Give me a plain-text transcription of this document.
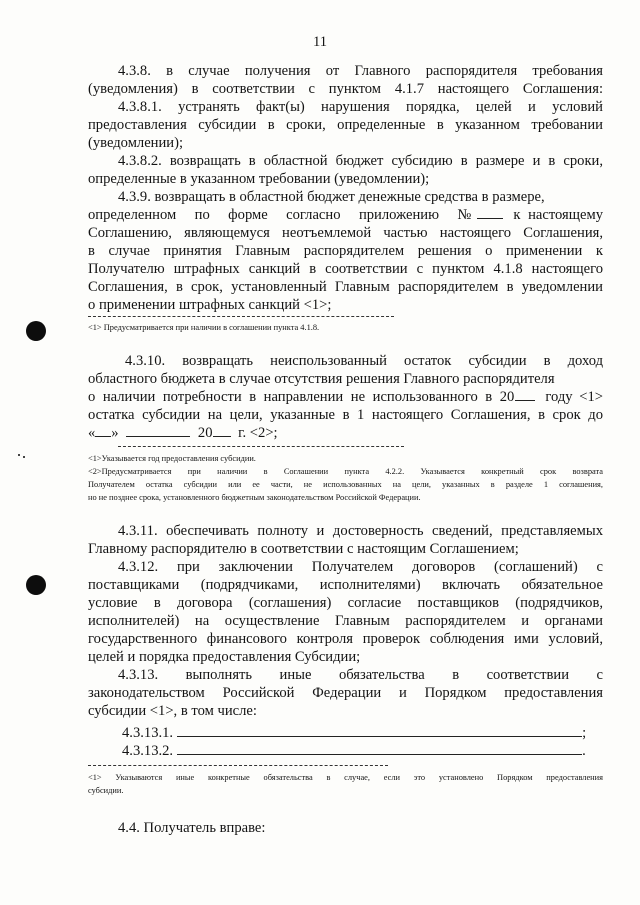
11
4.3.8. в случае получения от Главного распорядителя требования
(уведомления) в соответствии с пунктом 4.1.7 настоящего Соглашения:
4.3.8.1. устранять факт(ы) нарушения порядка, целей и условий
предоставления субсидии в сроки, определенные в указанном требовании
(уведомлении);
4.3.8.2. возвращать в областной бюджет субсидию в размере и в сроки,
определенные в указанном требовании (уведомлении);
4.3.9. возвращать в областной бюджет денежные средства в размере,
определенном по форме согласно приложению №	к настоящему
Соглашению, являющемуся неотъемлемой частью настоящего Соглашения,
в случае принятия Главным распорядителем решения о применении к
Получателю штрафных санкций в соответствии с пунктом 4.1.8 настоящего
Соглашения, в срок, установленный Главным распорядителем в уведомлении
о применении штрафных санкций <1>;
<1> Предусматривается при наличии в соглашении пункта 4.1.8.
4.3.10. возвращать неиспользованный остаток субсидии в доход
областного бюджета в случае отсутствия решения Главного распорядителя
о наличии потребности в направлении не использованного в 20 году <1>
остатка субсидии на цели, указанные в 1 настоящего Соглашения, в срок до
« »	20 г. <2>;
<1>Указывается год предоставления субсидии.
<2>Предусматривается при наличии в Соглашении пункта 4.2.2. Указывается конкретный срок возврата
Получателем остатка субсидии или ее части, не использованных на цели, указанных в разделе 1 соглашения,
но не позднее срока, установленного бюджетным законодательством Российской Федерации.
4.3.11. обеспечивать полноту и достоверность сведений, представляемых
Главному распорядителю в соответствии с настоящим Соглашением;
4.3.12. при заключении Получателем договоров (соглашений) с
поставщиками (подрядчиками, исполнителями) включать обязательное
условие в договора (соглашения) согласие поставщиков (подрядчиков,
исполнителей) на осуществление Главным распорядителем и органами
государственного финансового контроля проверок соблюдения ими условий,
целей и порядка предоставления Субсидии;
4.3.13. выполнять иные обязательства в соответствии с
законодательством Российской Федерации и Порядком предоставления
субсидии <1>, в том числе:
4.3.13.1.	;
4.3.13.2.	.
<1> Указываются иные конкретные обязательства в случае, если это установлено Порядком предоставления
субсидии.
4.4. Получатель вправе:
